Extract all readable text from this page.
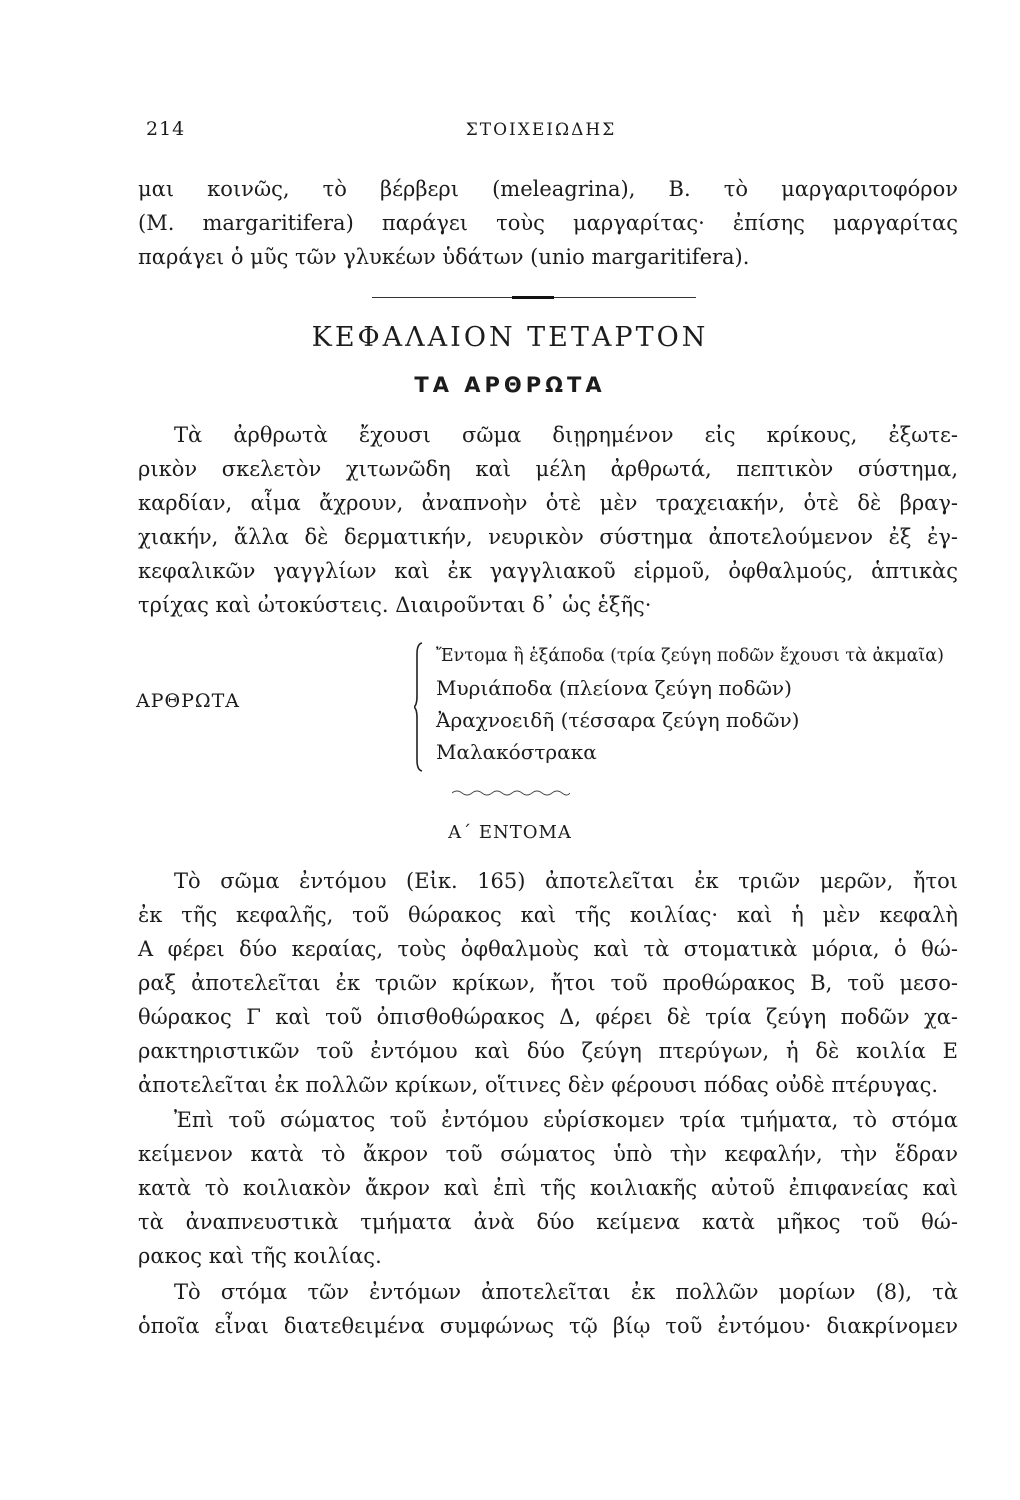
214	ΣΤΟΙΧΕΙΩΔΗΣ
μαι κοινῶς, τὸ βέρβερι (meleagrina), Β. τὸ μαργαριτοφόρον
(M. margaritifera) παράγει τοὺς μαργαρίτας· ἐπίσης μαργαρίτας
παράγει ὁ μῦς τῶν γλυκέων ὑδάτων (unio margaritifera).
ΚΕΦΑΛΑΙΟΝ ΤΕΤΑΡΤΟΝ
ΤΑ ΑΡΘΡΩΤΑ
Τὰ ἀρθρωτὰ ἔχουσι σῶμα διῃρημένον εἰς κρίκους, ἐξωτε-
ρικὸν σκελετὸν χιτωνῶδη καὶ μέλη ἀρθρωτά, πεπτικὸν σύστημα,
καρδίαν, αἷμα ἄχρουν, ἀναπνοὴν ὁτὲ μὲν τραχειακήν, ὁτὲ δὲ βραγ-
χιακήν, ἄλλα δὲ δερματικήν, νευρικὸν σύστημα ἀποτελούμενον ἐξ ἐγ-
κεφαλικῶν γαγγλίων καὶ ἐκ γαγγλιακοῦ εἱρμοῦ, ὀφθαλμούς, ἁπτικὰς
τρίχας καὶ ὠτοκύστεις. Διαιροῦνται δ᾽ ὡς ἑξῆς·
ΑΡΘΡΩΤΑ
Ἔντομα ἢ ἑξάποδα (τρία ζεύγη ποδῶν ἔχουσι τὰ ἀκμαῖα)
Μυριάποδα (πλείονα ζεύγη ποδῶν)
Ἀραχνοειδῆ (τέσσαρα ζεύγη ποδῶν)
Μαλακόστρακα
Α΄ ΕΝΤΟΜΑ
Τὸ σῶμα ἐντόμου (Εἰκ. 165) ἀποτελεῖται ἐκ τριῶν μερῶν, ἤτοι
ἐκ τῆς κεφαλῆς, τοῦ θώρακος καὶ τῆς κοιλίας· καὶ ἡ μὲν κεφαλὴ
Α φέρει δύο κεραίας, τοὺς ὀφθαλμοὺς καὶ τὰ στοματικὰ μόρια, ὁ θώ-
ραξ ἀποτελεῖται ἐκ τριῶν κρίκων, ἤτοι τοῦ προθώρακος Β, τοῦ μεσο-
θώρακος Γ καὶ τοῦ ὀπισθοθώρακος Δ, φέρει δὲ τρία ζεύγη ποδῶν χα-
ρακτηριστικῶν τοῦ ἐντόμου καὶ δύο ζεύγη πτερύγων, ἡ δὲ κοιλία Ε
ἀποτελεῖται ἐκ πολλῶν κρίκων, οἵτινες δὲν φέρουσι πόδας οὐδὲ πτέρυγας.
Ἐπὶ τοῦ σώματος τοῦ ἐντόμου εὑρίσκομεν τρία τμήματα, τὸ στόμα
κείμενον κατὰ τὸ ἄκρον τοῦ σώματος ὑπὸ τὴν κεφαλήν, τὴν ἕδραν
κατὰ τὸ κοιλιακὸν ἄκρον καὶ ἐπὶ τῆς κοιλιακῆς αὐτοῦ ἐπιφανείας καὶ
τὰ ἀναπνευστικὰ τμήματα ἀνὰ δύο κείμενα κατὰ μῆκος τοῦ θώ-
ρακος καὶ τῆς κοιλίας.
Τὸ στόμα τῶν ἐντόμων ἀποτελεῖται ἐκ πολλῶν μορίων (8), τὰ
ὁποῖα εἶναι διατεθειμένα συμφώνως τῷ βίῳ τοῦ ἐντόμου· διακρίνομεν
